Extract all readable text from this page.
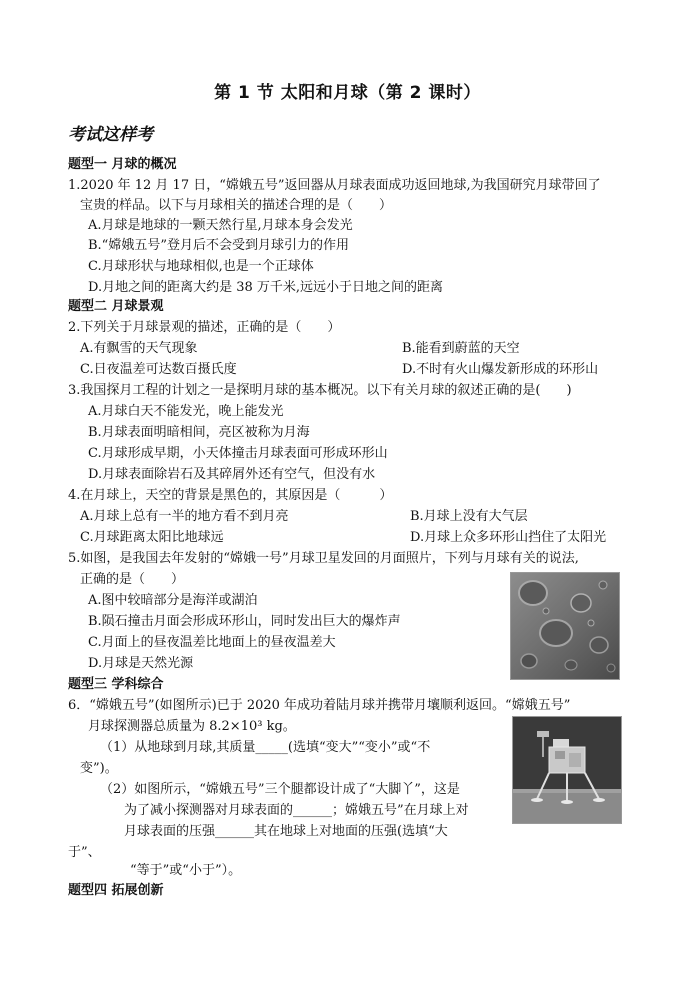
第 1 节 太阳和月球（第 2 课时）
考试这样考
题型一 月球的概况
1.2020 年 12 月 17 日，“嫦娥五号”返回器从月球表面成功返回地球,为我国研究月球带回了
宝贵的样品。以下与月球相关的描述合理的是（　　）
A.月球是地球的一颗天然行星,月球本身会发光
B.“嫦娥五号”登月后不会受到月球引力的作用
C.月球形状与地球相似,也是一个正球体
D.月地之间的距离大约是 38 万千米,远远小于日地之间的距离
题型二 月球景观
2.下列关于月球景观的描述，正确的是（　　）
A.有飘雪的天气现象	B.能看到蔚蓝的天空
C.日夜温差可达数百摄氏度	D.不时有火山爆发新形成的环形山
3.我国探月工程的计划之一是探明月球的基本概况。以下有关月球的叙述正确的是(　　)
A.月球白天不能发光，晚上能发光
B.月球表面明暗相间，亮区被称为月海
C.月球形成早期，小天体撞击月球表面可形成环形山
D.月球表面除岩石及其碎屑外还有空气，但没有水
4.在月球上，天空的背景是黑色的，其原因是（　　　）
A.月球上总有一半的地方看不到月亮	B.月球上没有大气层
C.月球距离太阳比地球远	D.月球上众多环形山挡住了太阳光
5.如图，是我国去年发射的“嫦娥一号”月球卫星发回的月面照片，下列与月球有关的说法,
正确的是（　　）
A.图中较暗部分是海洋或湖泊
B.陨石撞击月面会形成环形山，同时发出巨大的爆炸声
C.月面上的昼夜温差比地面上的昼夜温差大
D.月球是天然光源
题型三 学科综合
6．“嫦娥五号”(如图所示)已于 2020 年成功着陆月球并携带月壤顺利返回。“嫦娥五号”
月球探测器总质量为 8.2×10³ kg。
（1）从地球到月球,其质量_____(选填“变大”“变小”或“不
变”)。
（2）如图所示，“嫦娥五号”三个腿都设计成了“大脚丫”，这是
为了减小探测器对月球表面的______；嫦娥五号”在月球上对
月球表面的压强______其在地球上对地面的压强(选填“大
于”、
“等于”或“小于”）。
题型四 拓展创新
